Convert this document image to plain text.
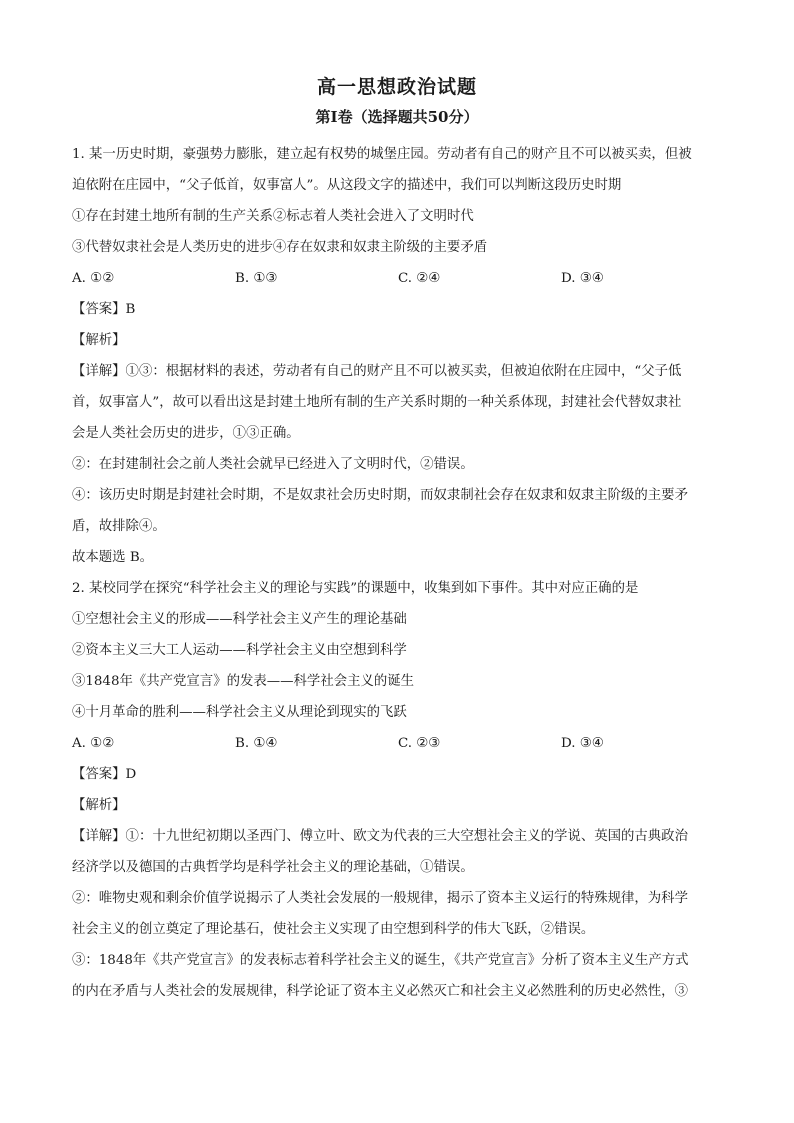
高一思想政治试题
第Ⅰ卷（选择题共50分）
1. 某一历史时期，豪强势力膨胀，建立起有权势的城堡庄园。劳动者有自己的财产且不可以被买卖，但被
迫依附在庄园中，“父子低首，奴事富人”。从这段文字的描述中，我们可以判断这段历史时期
①存在封建土地所有制的生产关系②标志着人类社会进入了文明时代
③代替奴隶社会是人类历史的进步④存在奴隶和奴隶主阶级的主要矛盾
A. ①②	B. ①③	C. ②④	D. ③④
【答案】B
【解析】
【详解】①③：根据材料的表述，劳动者有自己的财产且不可以被买卖，但被迫依附在庄园中，“父子低
首，奴事富人”，故可以看出这是封建土地所有制的生产关系时期的一种关系体现，封建社会代替奴隶社
会是人类社会历史的进步，①③正确。
②：在封建制社会之前人类社会就早已经进入了文明时代，②错误。
④：该历史时期是封建社会时期，不是奴隶社会历史时期，而奴隶制社会存在奴隶和奴隶主阶级的主要矛
盾，故排除④。
故本题选 B。
2. 某校同学在探究“科学社会主义的理论与实践”的课题中，收集到如下事件。其中对应正确的是
①空想社会主义的形成——科学社会主义产生的理论基础
②资本主义三大工人运动——科学社会主义由空想到科学
③1848年《共产党宣言》的发表——科学社会主义的诞生
④十月革命的胜利——科学社会主义从理论到现实的飞跃
A. ①②	B. ①④	C. ②③	D. ③④
【答案】D
【解析】
【详解】①：十九世纪初期以圣西门、傅立叶、欧文为代表的三大空想社会主义的学说、英国的古典政治
经济学以及德国的古典哲学均是科学社会主义的理论基础，①错误。
②：唯物史观和剩余价值学说揭示了人类社会发展的一般规律，揭示了资本主义运行的特殊规律，为科学
社会主义的创立奠定了理论基石，使社会主义实现了由空想到科学的伟大飞跃，②错误。
③：1848年《共产党宣言》的发表标志着科学社会主义的诞生，《共产党宣言》分析了资本主义生产方式
的内在矛盾与人类社会的发展规律，科学论证了资本主义必然灭亡和社会主义必然胜利的历史必然性，③
